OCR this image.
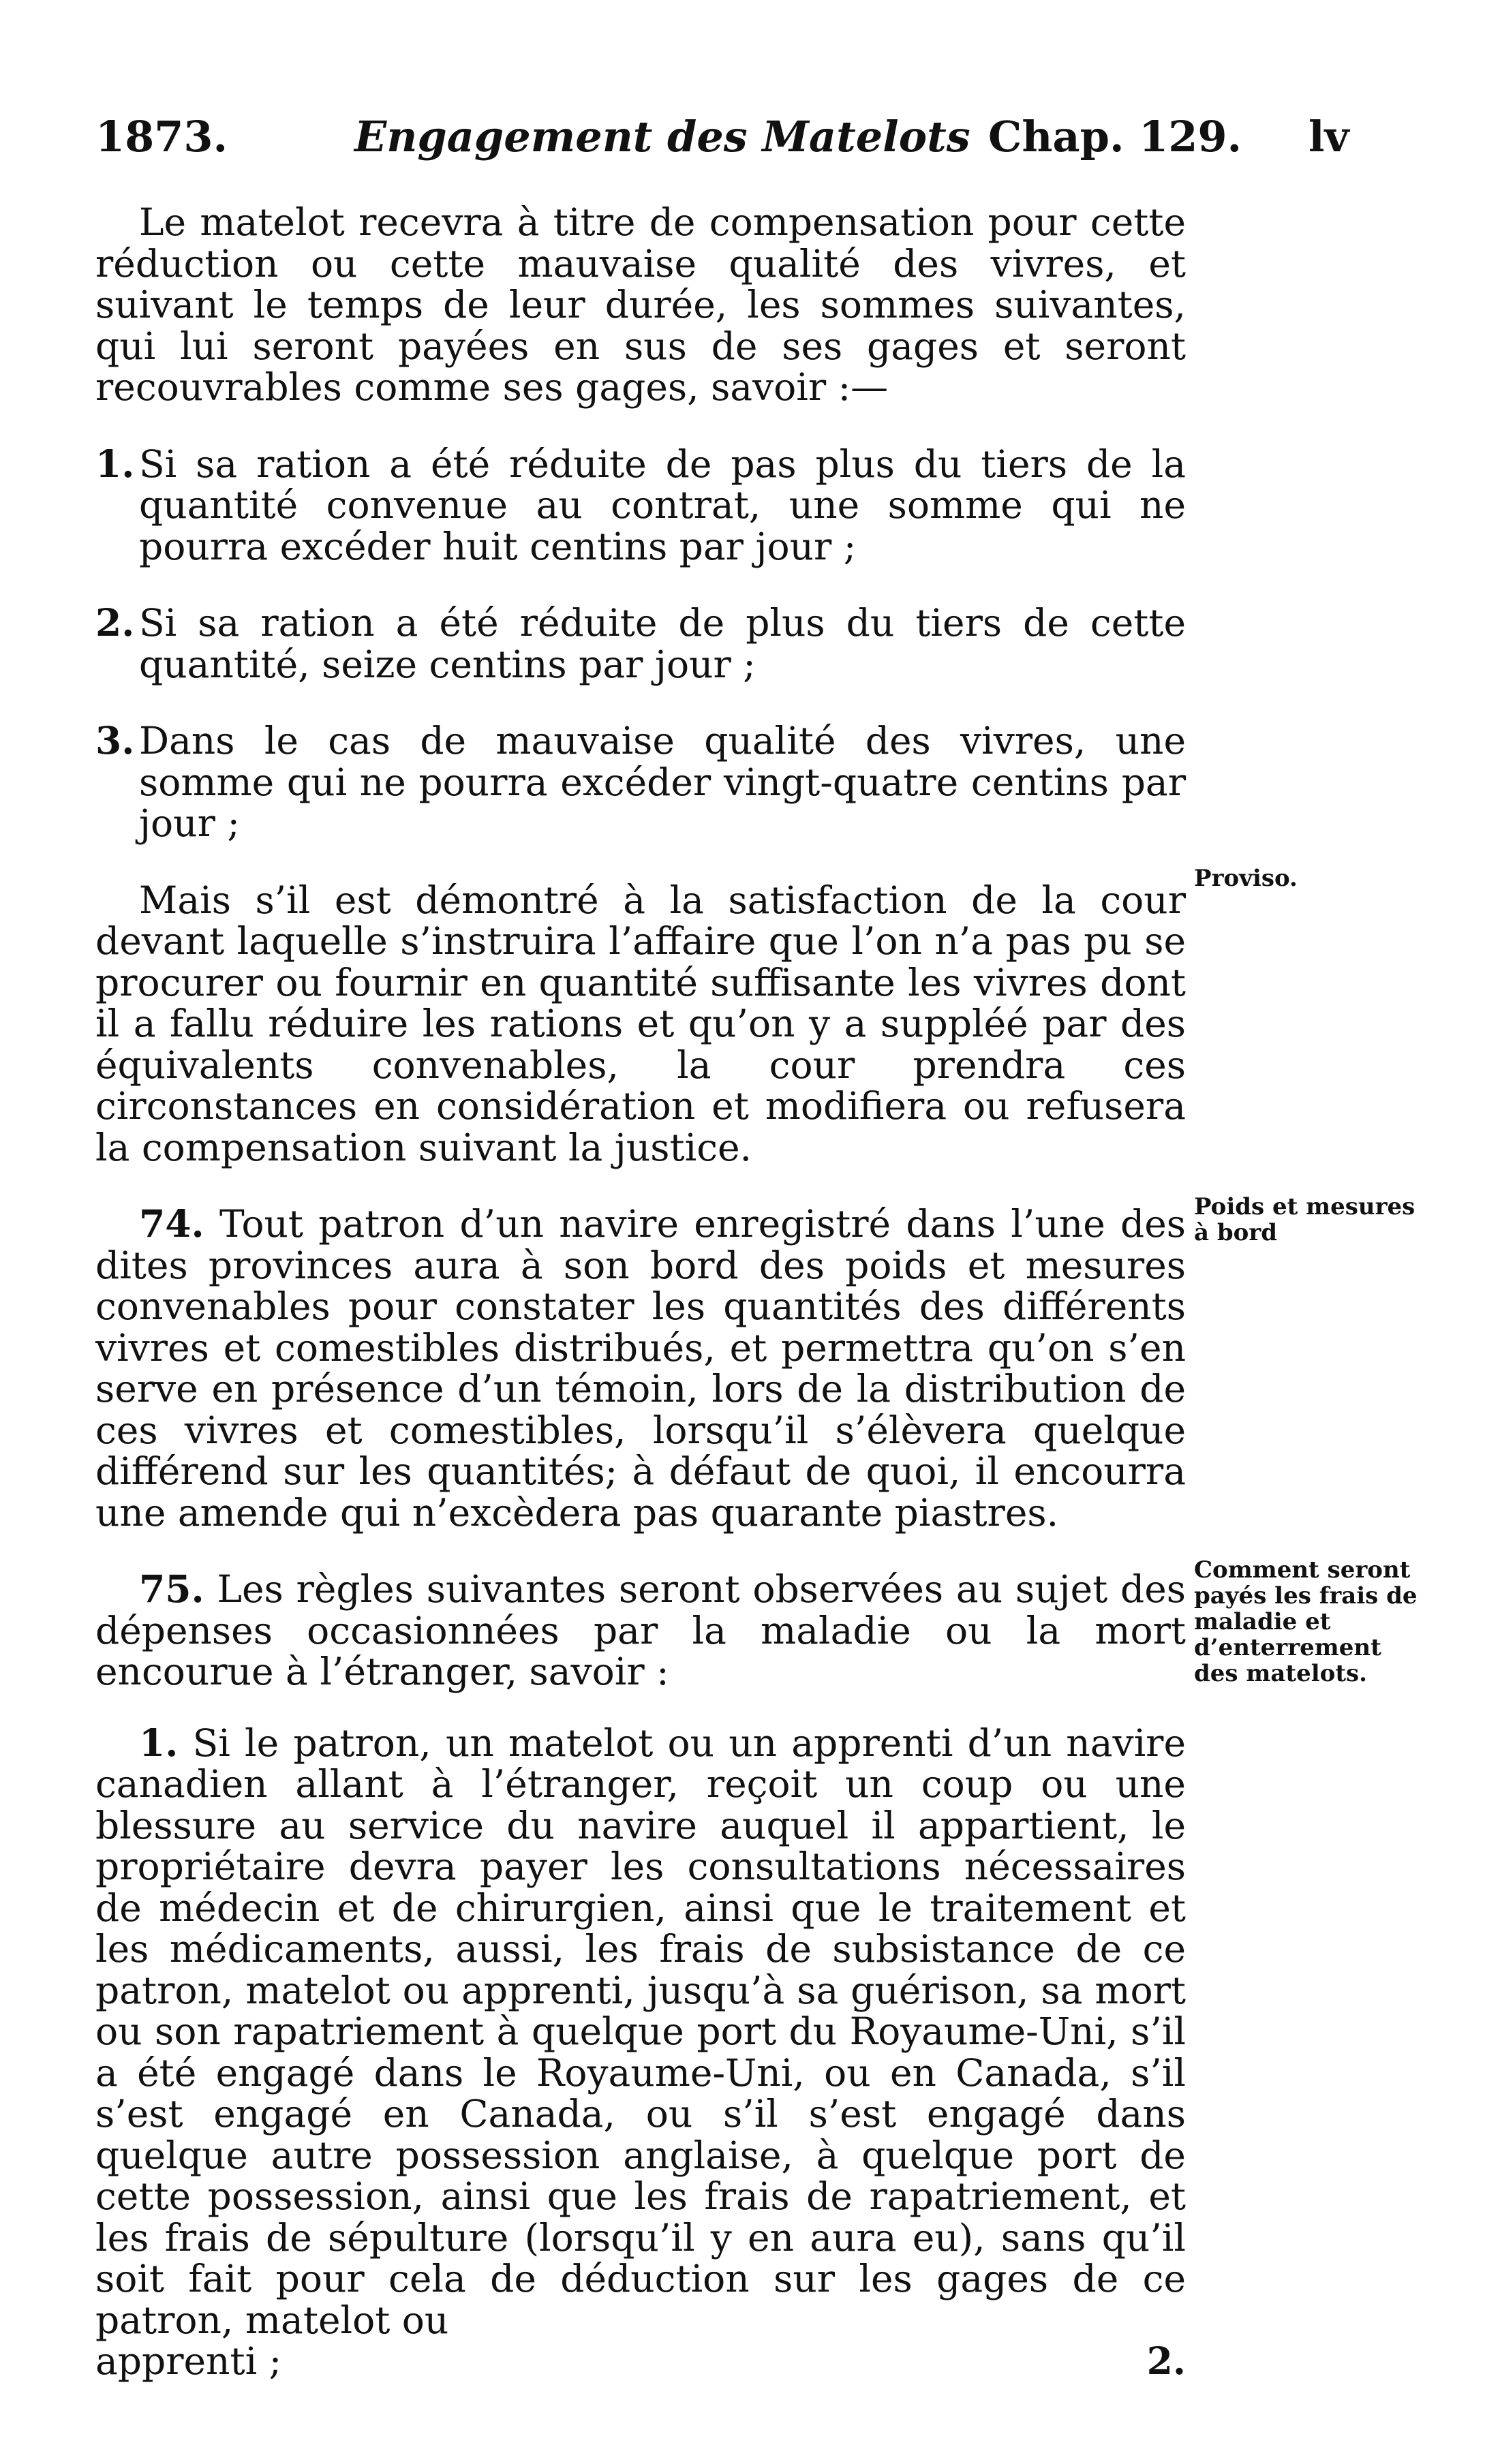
1873.	Engagement des Matelots Chap. 129. lv

Le matelot recevra à titre de compensation pour cette réduction ou cette mauvaise qualité des vivres, et suivant le temps de leur durée, les sommes suivantes, qui lui seront payées en sus de ses gages et seront recouvrables comme ses gages, savoir :—

1. Si sa ration a été réduite de pas plus du tiers de la quantité convenue au contrat, une somme qui ne pourra excéder huit centins par jour ;
2. Si sa ration a été réduite de plus du tiers de cette quantité, seize centins par jour ;
3. Dans le cas de mauvaise qualité des vivres, une somme qui ne pourra excéder vingt-quatre centins par jour ;

Mais s’il est démontré à la satisfaction de la cour devant laquelle s’instruira l’affaire que l’on n’a pas pu se procurer ou fournir en quantité suffisante les vivres dont il a fallu réduire les rations et qu’on y a suppléé par des équivalents convenables, la cour prendra ces circonstances en considération et modifiera ou refusera la compensation suivant la justice.

74. Tout patron d’un navire enregistré dans l’une des dites provinces aura à son bord des poids et mesures convenables pour constater les quantités des différents vivres et comestibles distribués, et permettra qu’on s’en serve en présence d’un témoin, lors de la distribution de ces vivres et comestibles, lorsqu’il s’élèvera quelque différend sur les quantités; à défaut de quoi, il encourra une amende qui n’excèdera pas quarante piastres.

75. Les règles suivantes seront observées au sujet des dépenses occasionnées par la maladie ou la mort encourue à l’étranger, savoir :

1. Si le patron, un matelot ou un apprenti d’un navire canadien allant à l’étranger, reçoit un coup ou une blessure au service du navire auquel il appartient, le propriétaire devra payer les consultations nécessaires de médecin et de chirurgien, ainsi que le traitement et les médicaments, aussi, les frais de subsistance de ce patron, matelot ou apprenti, jusqu’à sa guérison, sa mort ou son rapatriement à quelque port du Royaume-Uni, s’il a été engagé dans le Royaume-Uni, ou en Canada, s’il s’est engagé en Canada, ou s’il s’est engagé dans quelque autre possession anglaise, à quelque port de cette possession, ainsi que les frais de rapatriement, et les frais de sépulture (lorsqu’il y en aura eu), sans qu’il soit fait pour cela de déduction sur les gages de ce patron, matelot ou

apprenti ;	2.
Proviso.
Poids et mesures à bord
Comment seront payés les frais de maladie et d’enterrement des matelots.
